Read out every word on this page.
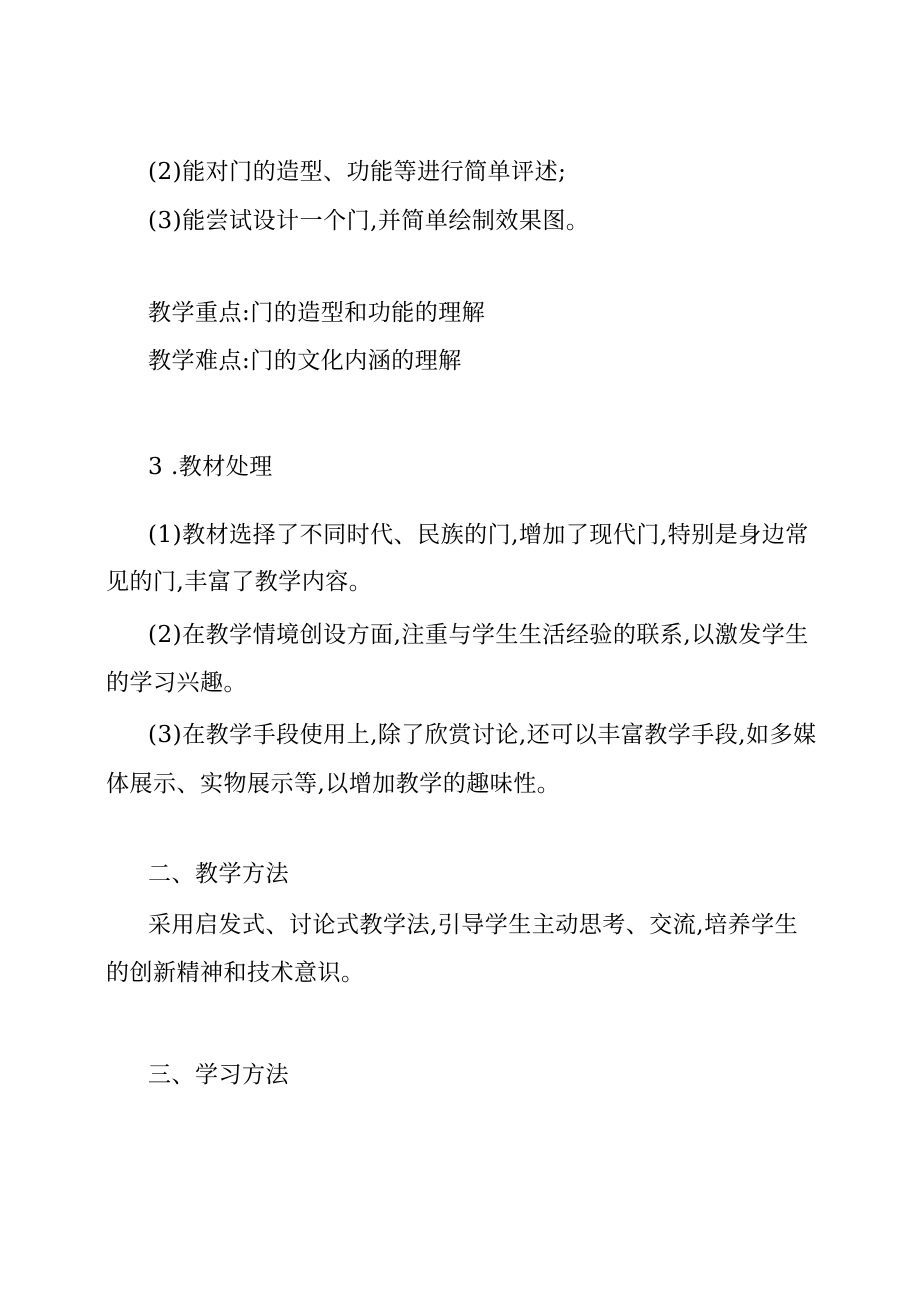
(2)能对门的造型、功能等进行简单评述;
(3)能尝试设计一个门,并简单绘制效果图。
教学重点:门的造型和功能的理解
教学难点:门的文化内涵的理解
3 .教材处理
(1)教材选择了不同时代、民族的门,增加了现代门,特别是身边常
见的门,丰富了教学内容。
(2)在教学情境创设方面,注重与学生生活经验的联系,以激发学生
的学习兴趣。
(3)在教学手段使用上,除了欣赏讨论,还可以丰富教学手段,如多媒
体展示、实物展示等,以增加教学的趣味性。
二、教学方法
采用启发式、讨论式教学法,引导学生主动思考、交流,培养学生
的创新精神和技术意识。
三、学习方法
